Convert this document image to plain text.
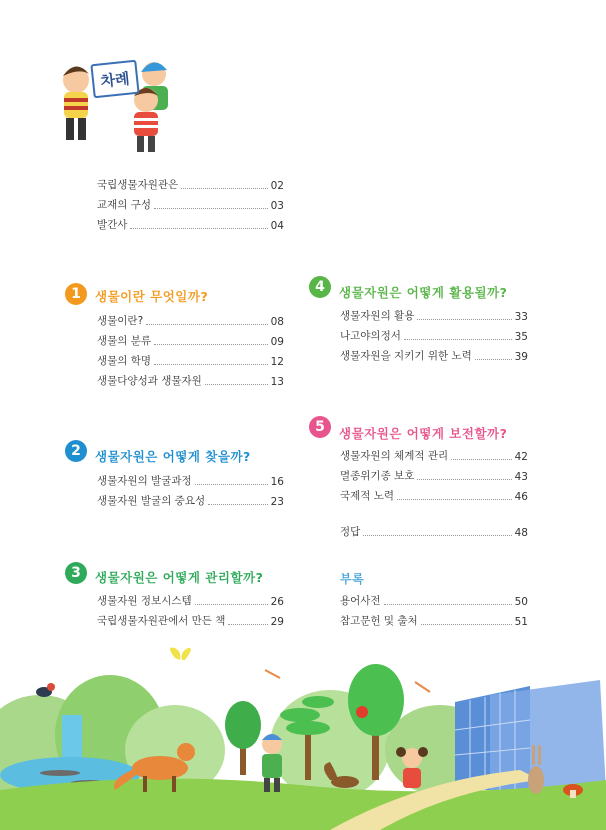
차례
국립생물자원관은	02
교재의 구성	03
발간사	04
1	생물이란 무엇일까?
생물이란?	08
생물의 분류	09
생물의 학명	12
생물다양성과 생물자원	13
2	생물자원은 어떻게 찾을까?
생물자원의 발굴과정	16
생물자원 발굴의 중요성	23
3	생물자원은 어떻게 관리할까?
생물자원 정보시스템	26
국립생물자원관에서 만든 책	29
4	생물자원은 어떻게 활용될까?
생물자원의 활용	33
나고야의정서	35
생물자원을 지키기 위한 노력	39
5	생물자원은 어떻게 보전할까?
생물자원의 체계적 관리	42
멸종위기종 보호	43
국제적 노력	46
정답	48
부록
용어사전	50
참고문헌 및 출처	51
